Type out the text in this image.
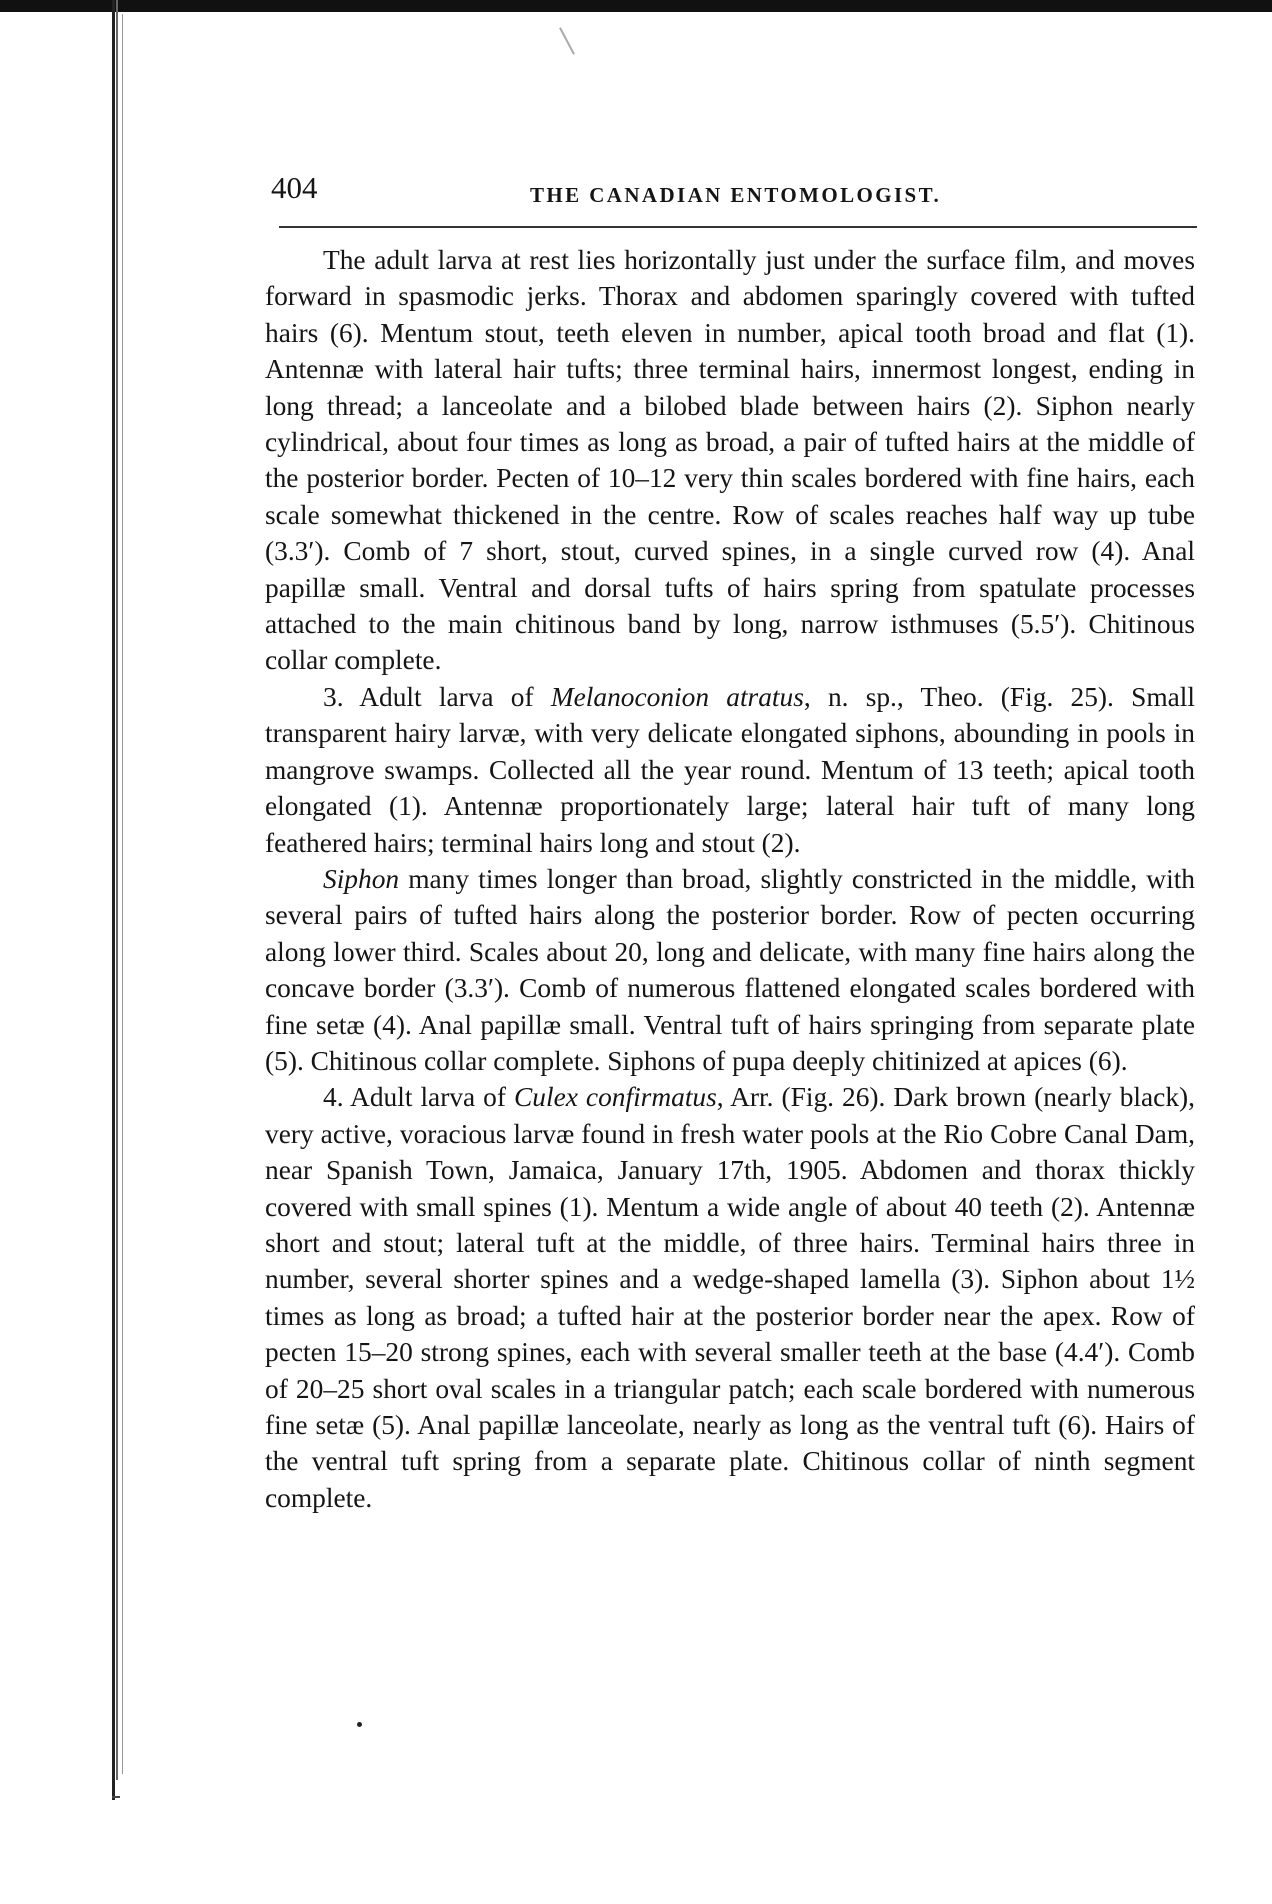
404	THE CANADIAN ENTOMOLOGIST.

The adult larva at rest lies horizontally just under the surface film, and moves forward in spasmodic jerks. Thorax and abdomen sparingly covered with tufted hairs (6). Mentum stout, teeth eleven in number, apical tooth broad and flat (1). Antennæ with lateral hair tufts; three terminal hairs, innermost longest, ending in long thread; a lanceolate and a bilobed blade between hairs (2). Siphon nearly cylindrical, about four times as long as broad, a pair of tufted hairs at the middle of the posterior border. Pecten of 10–12 very thin scales bordered with fine hairs, each scale somewhat thickened in the centre. Row of scales reaches half way up tube (3.3′). Comb of 7 short, stout, curved spines, in a single curved row (4). Anal papillæ small. Ventral and dorsal tufts of hairs spring from spatulate processes attached to the main chitinous band by long, narrow isthmuses (5.5′). Chitinous collar complete.

3. Adult larva of Melanoconion atratus, n. sp., Theo. (Fig. 25). Small transparent hairy larvæ, with very delicate elongated siphons, abounding in pools in mangrove swamps. Collected all the year round. Mentum of 13 teeth; apical tooth elongated (1). Antennæ proportionately large; lateral hair tuft of many long feathered hairs; terminal hairs long and stout (2).

Siphon many times longer than broad, slightly constricted in the middle, with several pairs of tufted hairs along the posterior border. Row of pecten occurring along lower third. Scales about 20, long and delicate, with many fine hairs along the concave border (3.3′). Comb of numerous flattened elongated scales bordered with fine setæ (4). Anal papillæ small. Ventral tuft of hairs springing from separate plate (5). Chitinous collar complete. Siphons of pupa deeply chitinized at apices (6).

4. Adult larva of Culex confirmatus, Arr. (Fig. 26). Dark brown (nearly black), very active, voracious larvæ found in fresh water pools at the Rio Cobre Canal Dam, near Spanish Town, Jamaica, January 17th, 1905. Abdomen and thorax thickly covered with small spines (1). Mentum a wide angle of about 40 teeth (2). Antennæ short and stout; lateral tuft at the middle, of three hairs. Terminal hairs three in number, several shorter spines and a wedge-shaped lamella (3). Siphon about 1½ times as long as broad; a tufted hair at the posterior border near the apex. Row of pecten 15–20 strong spines, each with several smaller teeth at the base (4.4′). Comb of 20–25 short oval scales in a triangular patch; each scale bordered with numerous fine setæ (5). Anal papillæ lanceolate, nearly as long as the ventral tuft (6). Hairs of the ventral tuft spring from a separate plate. Chitinous collar of ninth segment complete.
